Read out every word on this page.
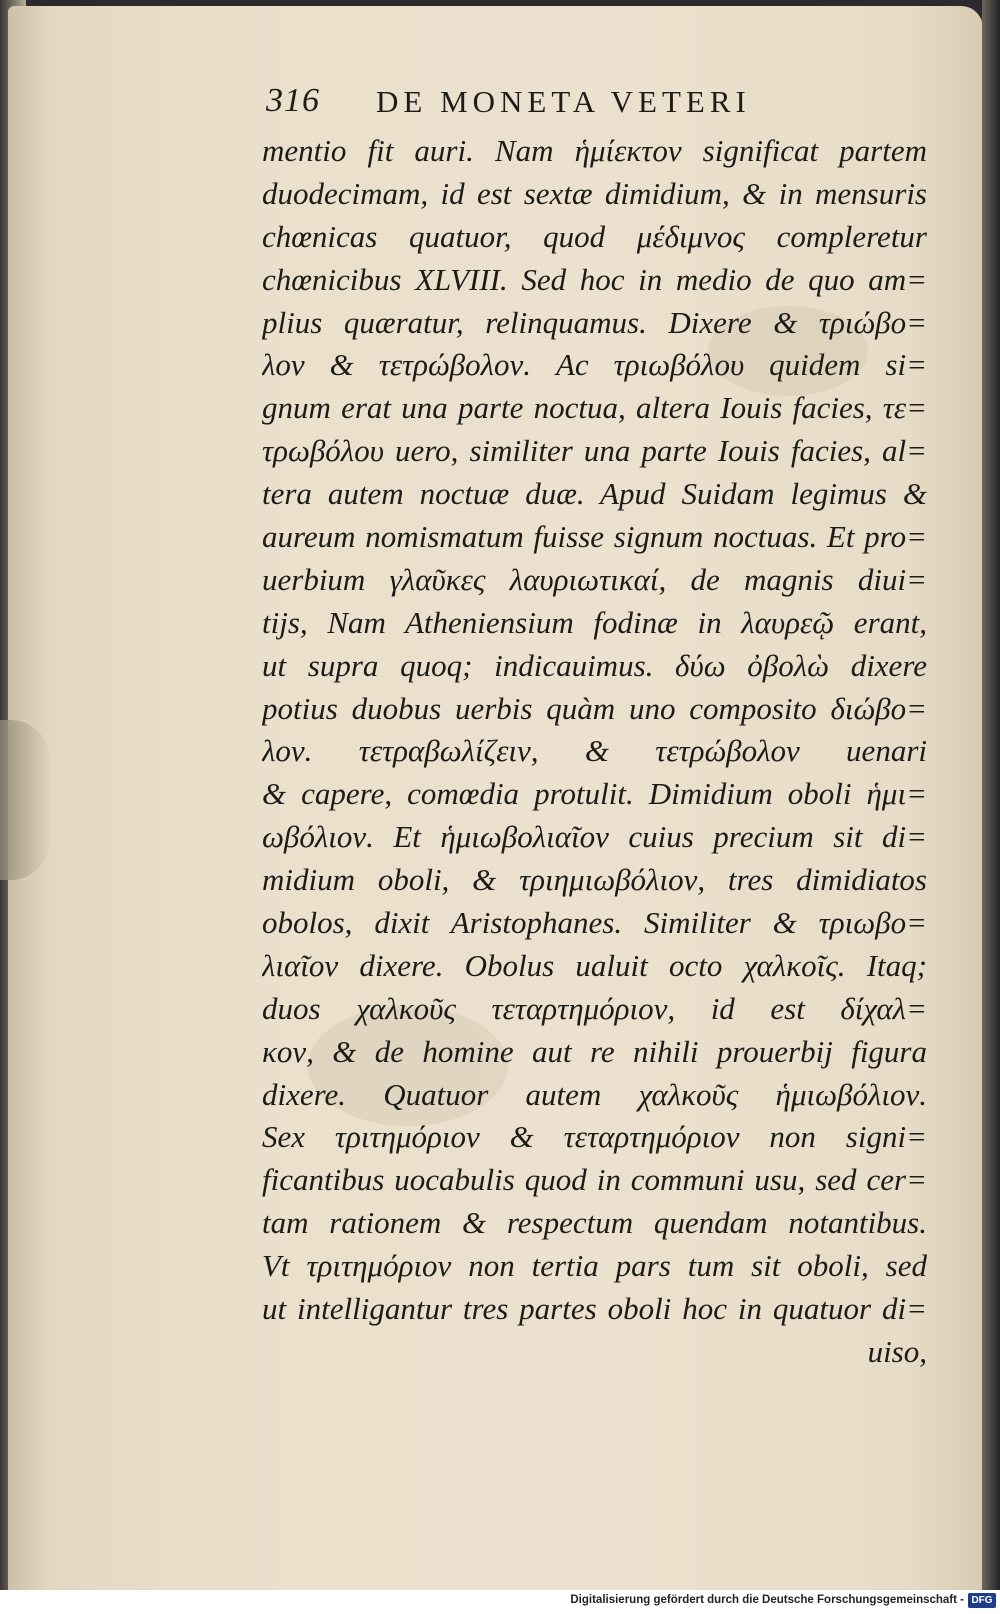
316 DE MONETA VETERI
mentio fit auri. Nam ἡμίεκτον significat partem
duodecimam, id est sextæ dimidium, & in mensuris
chœnicas quatuor, quod μέδιμνος compleretur
chœnicibus XLVIII. Sed hoc in medio de quo am=
plius quæratur, relinquamus. Dixere & τριώβο=
λον & τετρώβολον. Ac τριωβόλου quidem si=
gnum erat una parte noctua, altera Iouis facies, τε=
τρωβόλου uero, similiter una parte Iouis facies, al=
tera autem noctuæ duæ. Apud Suidam legimus &
aureum nomismatum fuisse signum noctuas. Et pro=
uerbium γλαῦκες λαυριωτικαί, de magnis diui=
tijs, Nam Atheniensium fodinæ in λαυρεῷ erant,
ut supra quoq; indicauimus. δύω ὀβολὼ dixere
potius duobus uerbis quàm uno composito διώβο=
λον. τετραβωλίζειν, & τετρώβολον uenari
& capere, comœdia protulit. Dimidium oboli ἡμι=
ωβόλιον. Et ἡμιωβολιαῖον cuius precium sit di=
midium oboli, & τριημιωβόλιον, tres dimidiatos
obolos, dixit Aristophanes. Similiter & τριωβο=
λιαῖον dixere. Obolus ualuit octo χαλκοῖς. Itaq;
duos χαλκοῦς τεταρτημόριον, id est δίχαλ=
κον, & de homine aut re nihili prouerbij figura
dixere. Quatuor autem χαλκοῦς ἡμιωβόλιον.
Sex τριτημόριον & τεταρτημόριον non signi=
ficantibus uocabulis quod in communi usu, sed cer=
tam rationem & respectum quendam notantibus.
Vt τριτημόριον non tertia pars tum sit oboli, sed
ut intelligantur tres partes oboli hoc in quatuor di=
uiso,
Digitalisierung gefördert durch die Deutsche Forschungsgemeinschaft - DFG
